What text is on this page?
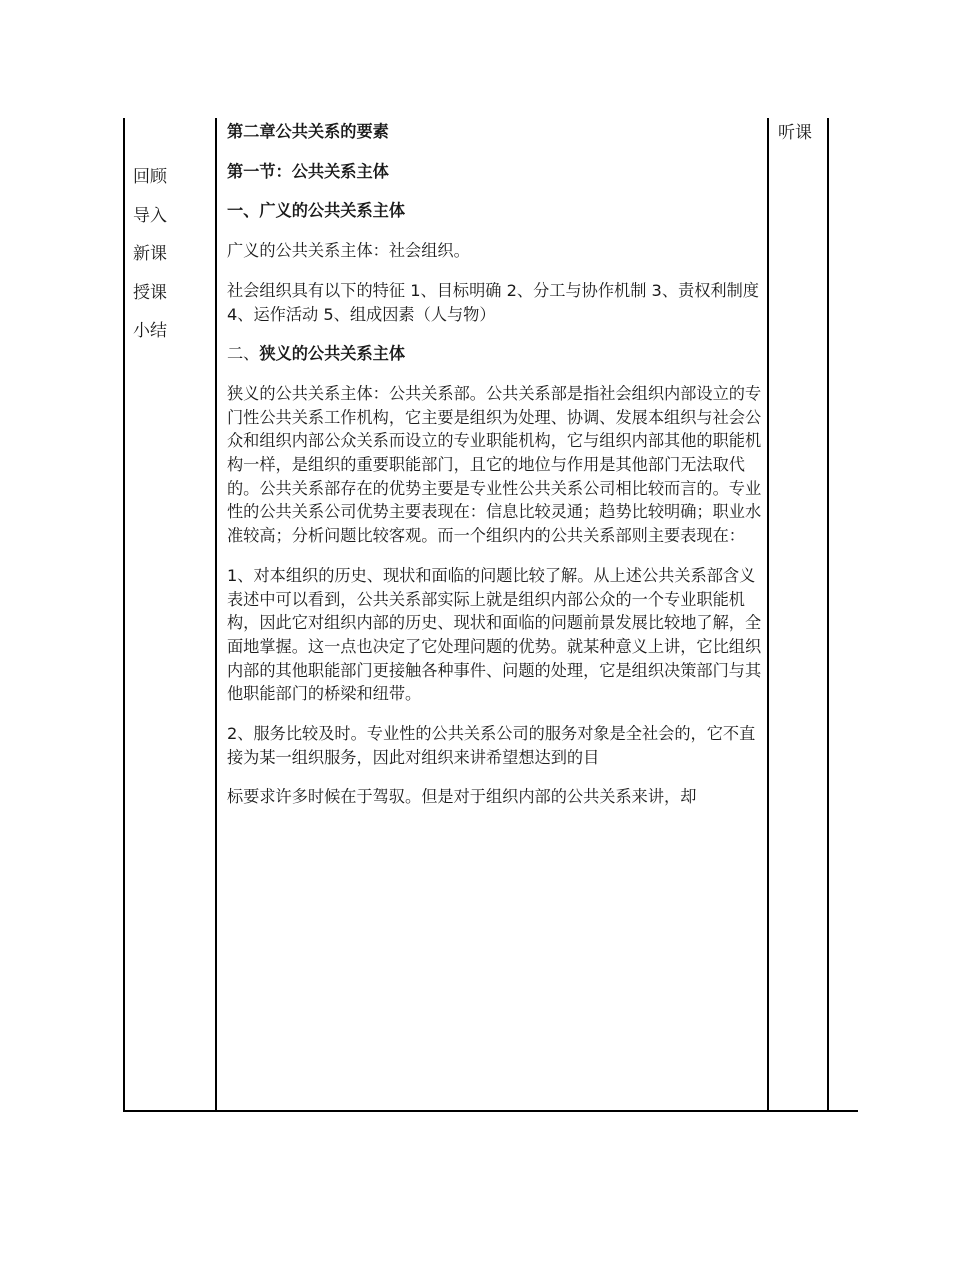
回顾
导入
新课
授课
小结
听课

第二章公共关系的要素

第一节：公共关系主体

一、广义的公共关系主体

广义的公共关系主体：社会组织。

社会组织具有以下的特征 1、目标明确 2、分工与协作机制 3、责权利制度 4、运作活动 5、组成因素（人与物）

二、狭义的公共关系主体

狭义的公共关系主体：公共关系部。公共关系部是指社会组织内部设立的专门性公共关系工作机构，它主要是组织为处理、协调、发展本组织与社会公众和组织内部公众关系而设立的专业职能机构，它与组织内部其他的职能机构一样，是组织的重要职能部门，且它的地位与作用是其他部门无法取代的。公共关系部存在的优势主要是专业性公共关系公司相比较而言的。专业性的公共关系公司优势主要表现在：信息比较灵通；趋势比较明确；职业水准较高；分析问题比较客观。而一个组织内的公共关系部则主要表现在：

1、对本组织的历史、现状和面临的问题比较了解。从上述公共关系部含义表述中可以看到，公共关系部实际上就是组织内部公众的一个专业职能机构，因此它对组织内部的历史、现状和面临的问题前景发展比较地了解，全面地掌握。这一点也决定了它处理问题的优势。就某种意义上讲，它比组织内部的其他职能部门更接触各种事件、问题的处理，它是组织决策部门与其他职能部门的桥梁和纽带。

2、服务比较及时。专业性的公共关系公司的服务对象是全社会的，它不直接为某一组织服务，因此对组织来讲希望想达到的目

标要求许多时候在于驾驭。但是对于组织内部的公共关系来讲，却
